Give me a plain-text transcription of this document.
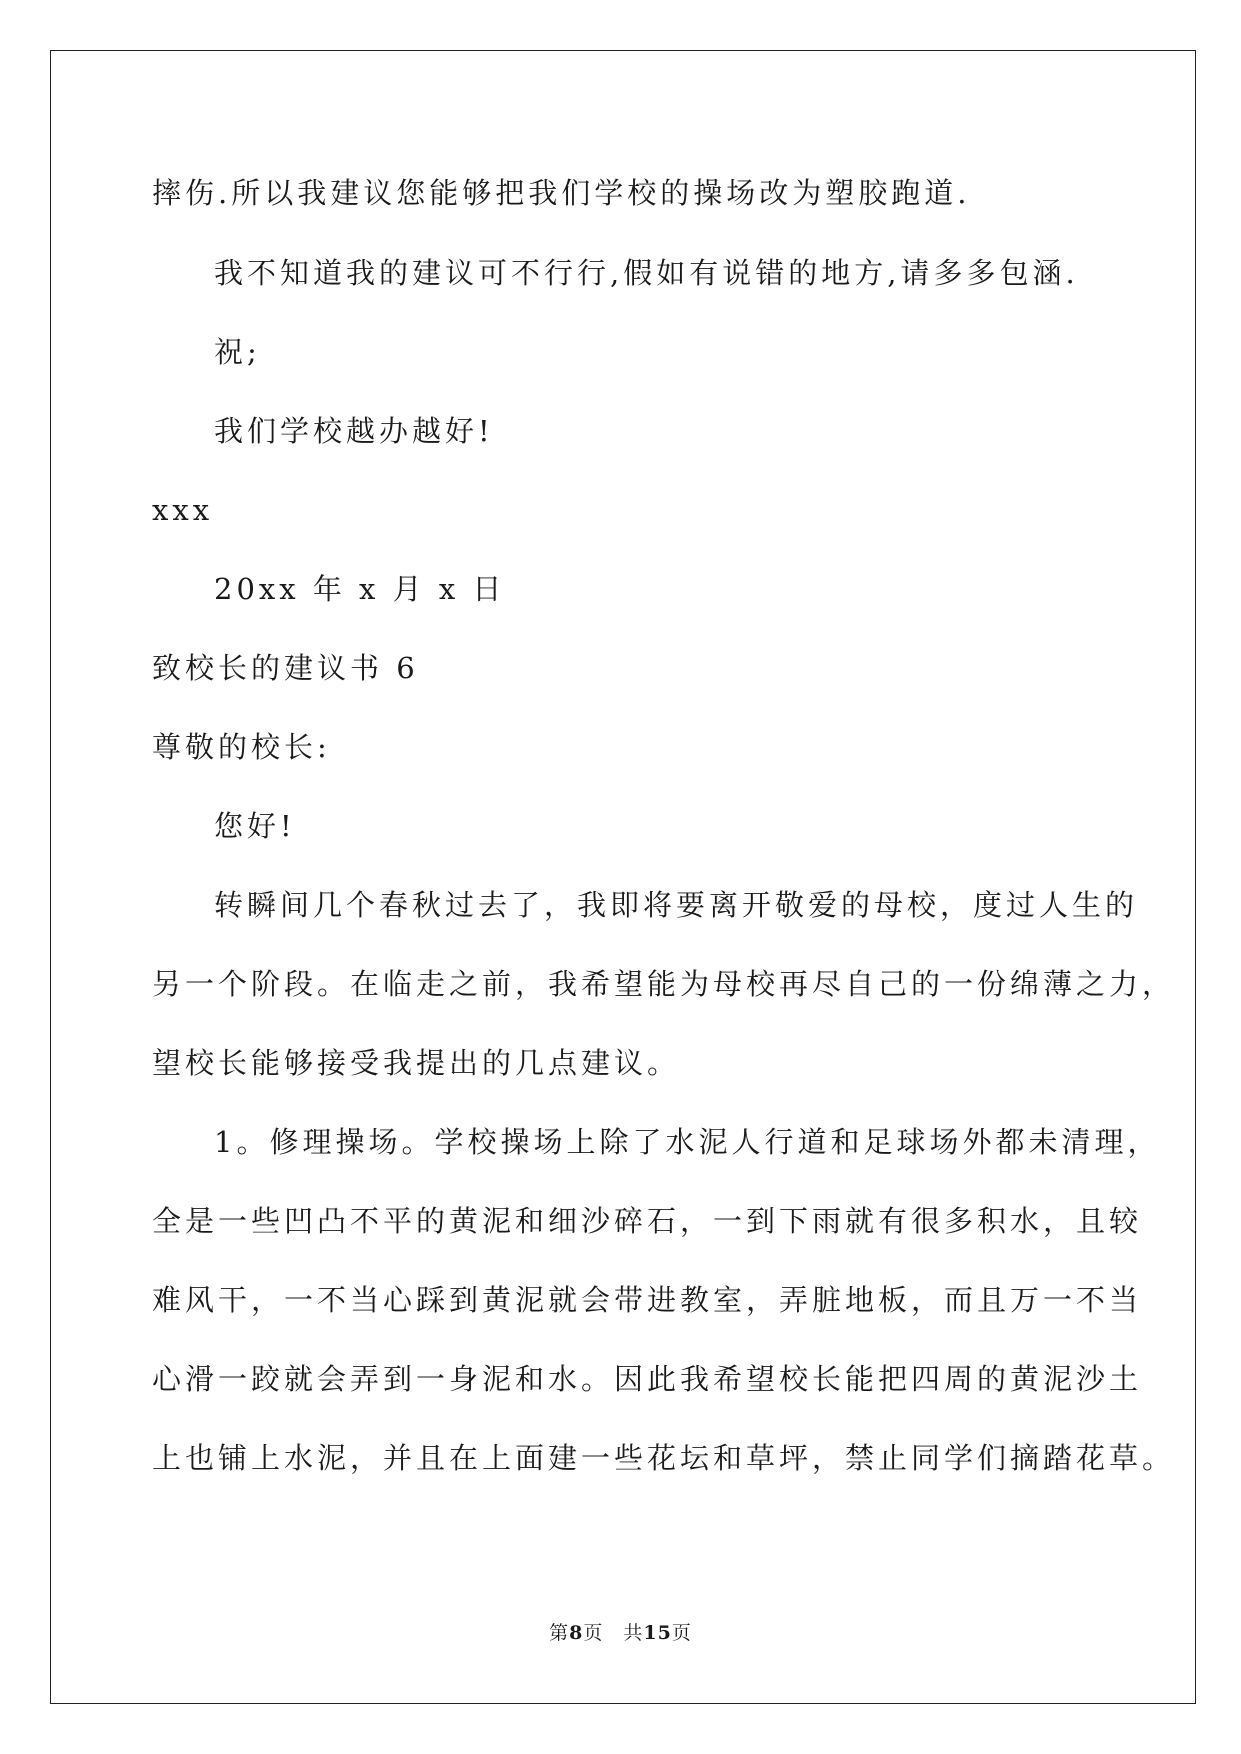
摔伤.所以我建议您能够把我们学校的操场改为塑胶跑道.
我不知道我的建议可不行行,假如有说错的地方,请多多包涵.
祝;
我们学校越办越好!
xxx
20xx 年 x 月 x 日
致校长的建议书 6
尊敬的校长:
您好!
转瞬间几个春秋过去了，我即将要离开敬爱的母校，度过人生的
另一个阶段。在临走之前，我希望能为母校再尽自己的一份绵薄之力，
望校长能够接受我提出的几点建议。
1。修理操场。学校操场上除了水泥人行道和足球场外都未清理，
全是一些凹凸不平的黄泥和细沙碎石，一到下雨就有很多积水，且较
难风干，一不当心踩到黄泥就会带进教室，弄脏地板，而且万一不当
心滑一跤就会弄到一身泥和水。因此我希望校长能把四周的黄泥沙土
上也铺上水泥，并且在上面建一些花坛和草坪，禁止同学们摘踏花草。
第8页  共15页
